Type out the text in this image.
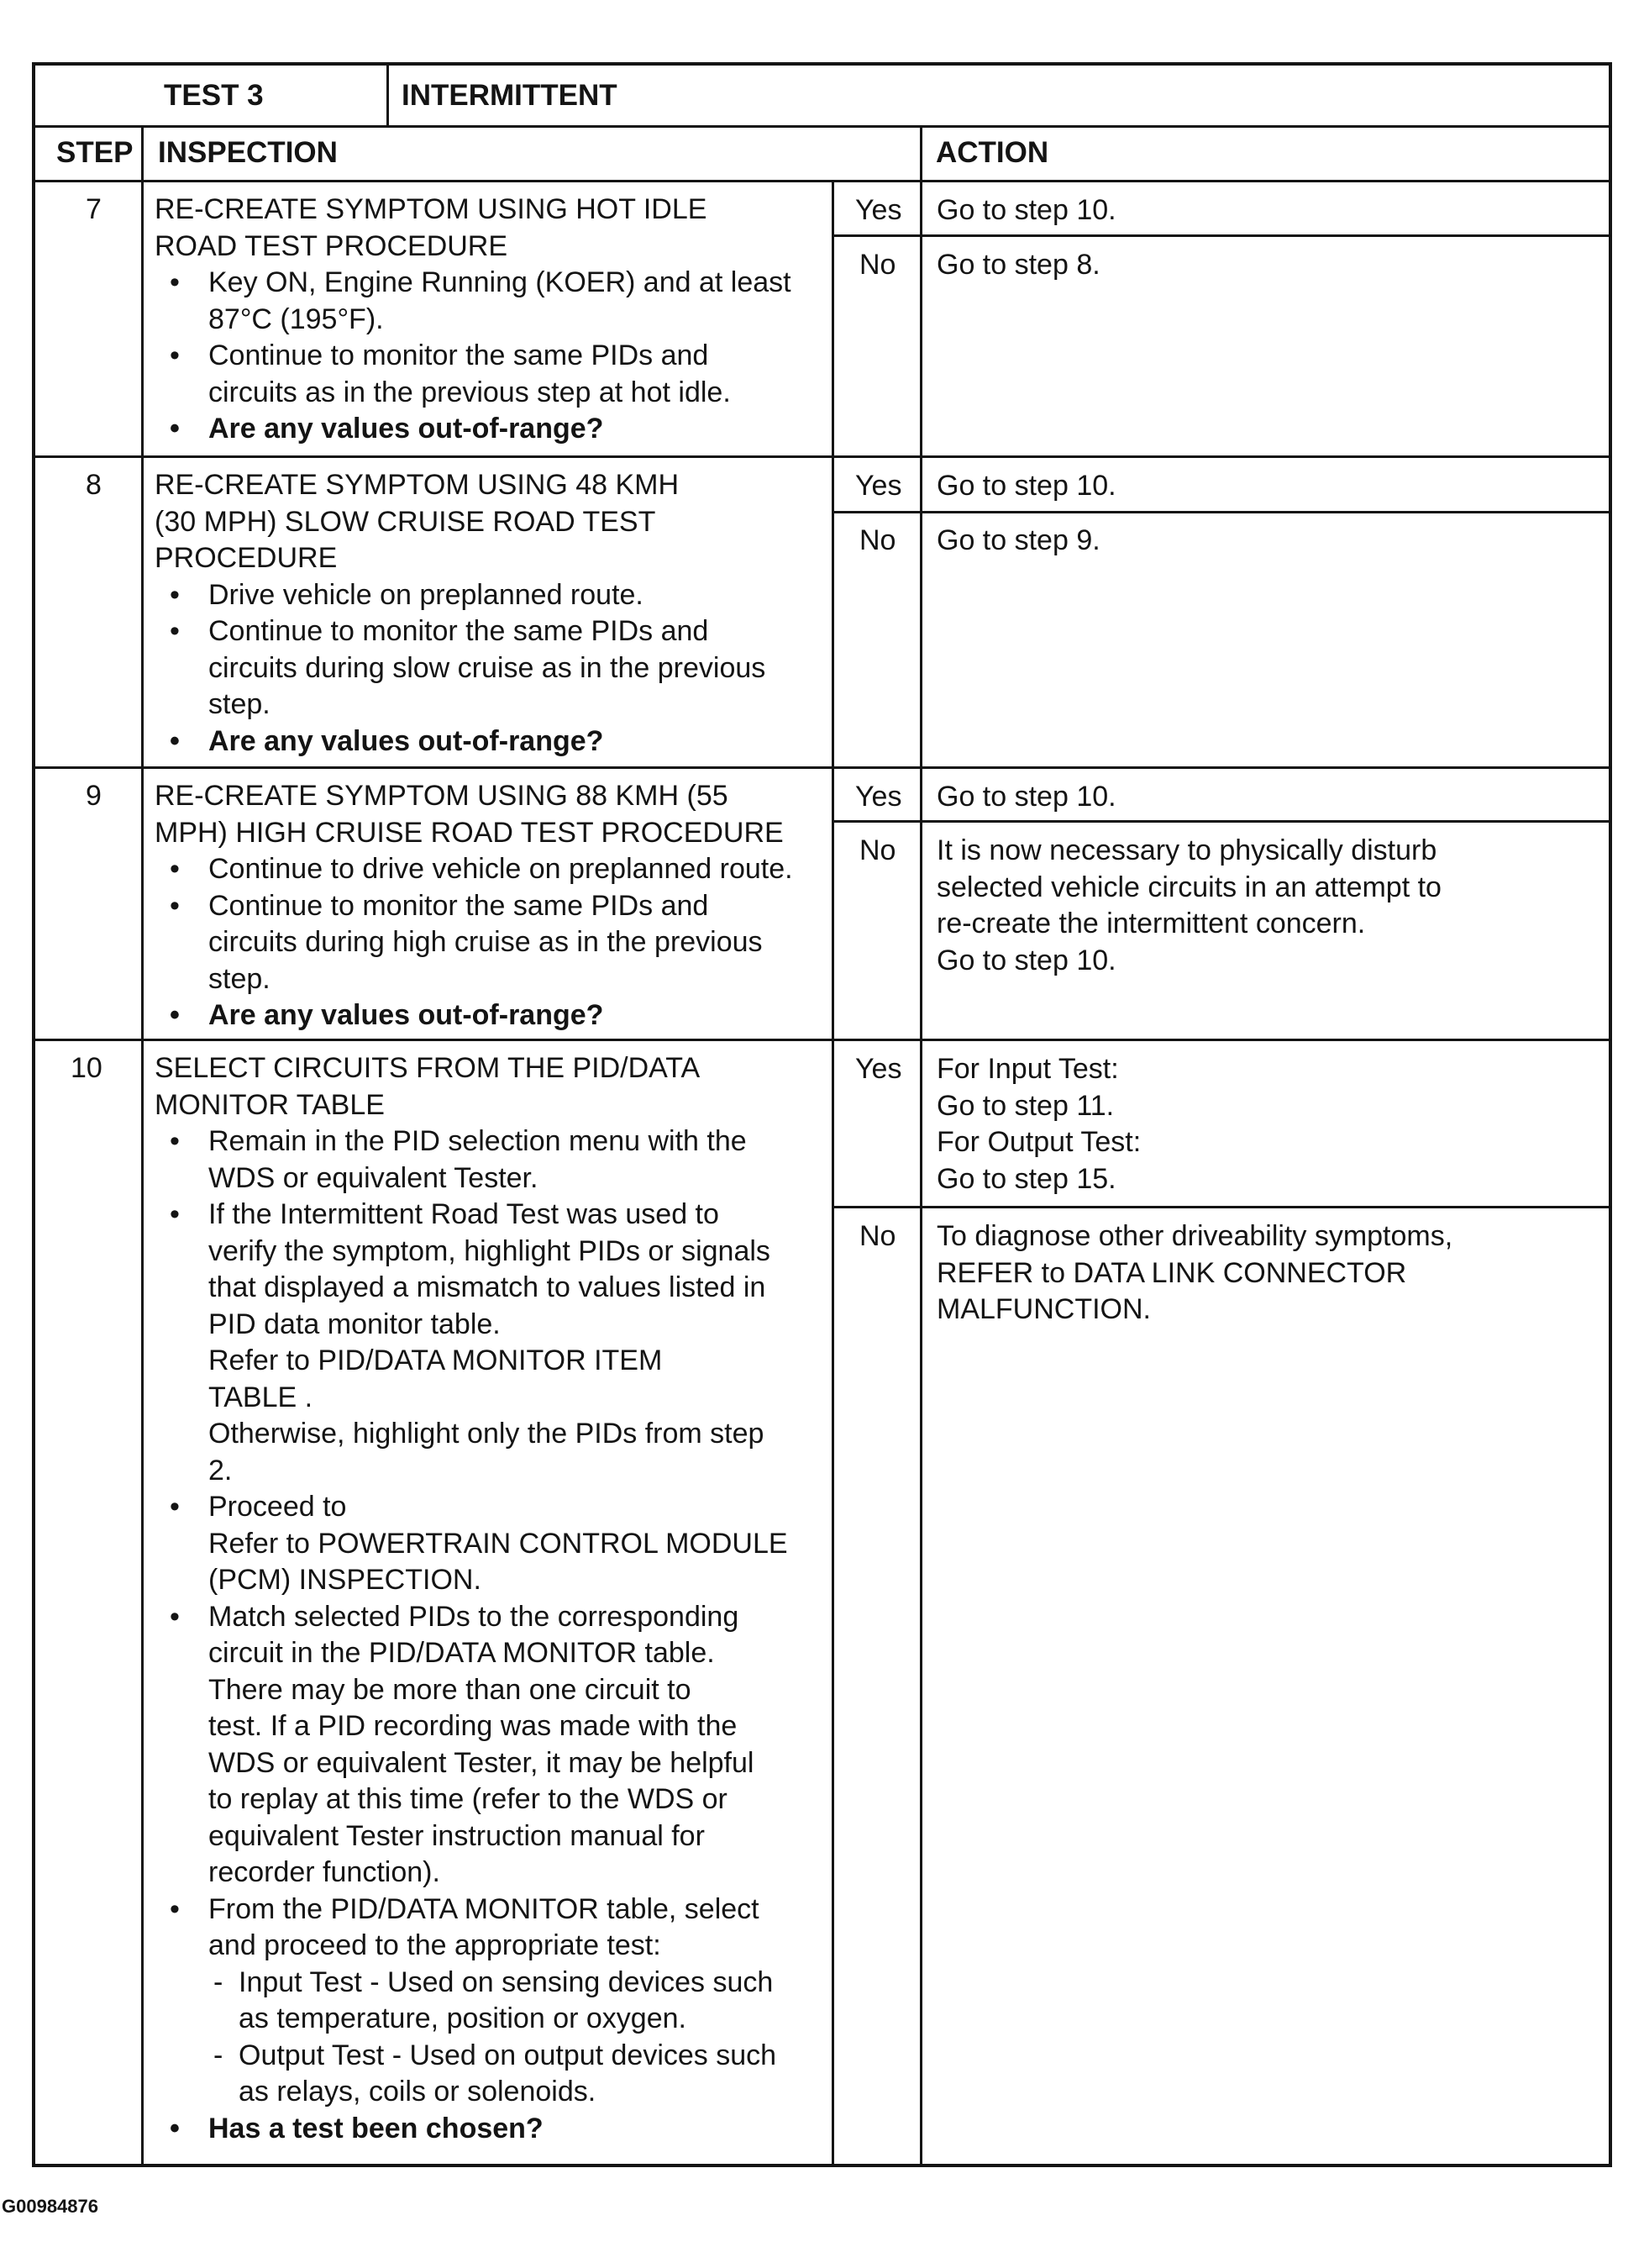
TEST 3	INTERMITTENT
STEP INSPECTION	ACTION
7
8
9
10
RE-CREATE SYMPTOM USING HOT IDLE
ROAD TEST PROCEDURE
• Key ON, Engine Running (KOER) and at least
87°C (195°F).
• Continue to monitor the same PIDs and
circuits as in the previous step at hot idle.
• Are any values out-of-range?
RE-CREATE SYMPTOM USING 48 KMH
(30 MPH) SLOW CRUISE ROAD TEST
PROCEDURE
• Drive vehicle on preplanned route.
• Continue to monitor the same PIDs and
circuits during slow cruise as in the previous
step.
• Are any values out-of-range?
RE-CREATE SYMPTOM USING 88 KMH (55
MPH) HIGH CRUISE ROAD TEST PROCEDURE
• Continue to drive vehicle on preplanned route.
• Continue to monitor the same PIDs and
circuits during high cruise as in the previous
step.
• Are any values out-of-range?
SELECT CIRCUITS FROM THE PID/DATA
MONITOR TABLE
• Remain in the PID selection menu with the
WDS or equivalent Tester.
• If the Intermittent Road Test was used to
verify the symptom, highlight PIDs or signals
that displayed a mismatch to values listed in
PID data monitor table.
Refer to PID/DATA MONITOR ITEM
TABLE .
Otherwise, highlight only the PIDs from step
2.
• Proceed to
Refer to POWERTRAIN CONTROL MODULE
(PCM) INSPECTION.
• Match selected PIDs to the corresponding
circuit in the PID/DATA MONITOR table.
There may be more than one circuit to
test. If a PID recording was made with the
WDS or equivalent Tester, it may be helpful
to replay at this time (refer to the WDS or
equivalent Tester instruction manual for
recorder function).
• From the PID/DATA MONITOR table, select
and proceed to the appropriate test:
- Input Test - Used on sensing devices such
as temperature, position or oxygen.
- Output Test - Used on output devices such
as relays, coils or solenoids.
• Has a test been chosen?
Yes
No
Yes
No
Yes
No
Yes
No
Go to step 10.
Go to step 8.
Go to step 10.
Go to step 9.
Go to step 10.
It is now necessary to physically disturb
selected vehicle circuits in an attempt to
re-create the intermittent concern.
Go to step 10.
For Input Test:
Go to step 11.
For Output Test:
Go to step 15.
To diagnose other driveability symptoms,
REFER to DATA LINK CONNECTOR
MALFUNCTION.
G00984876
